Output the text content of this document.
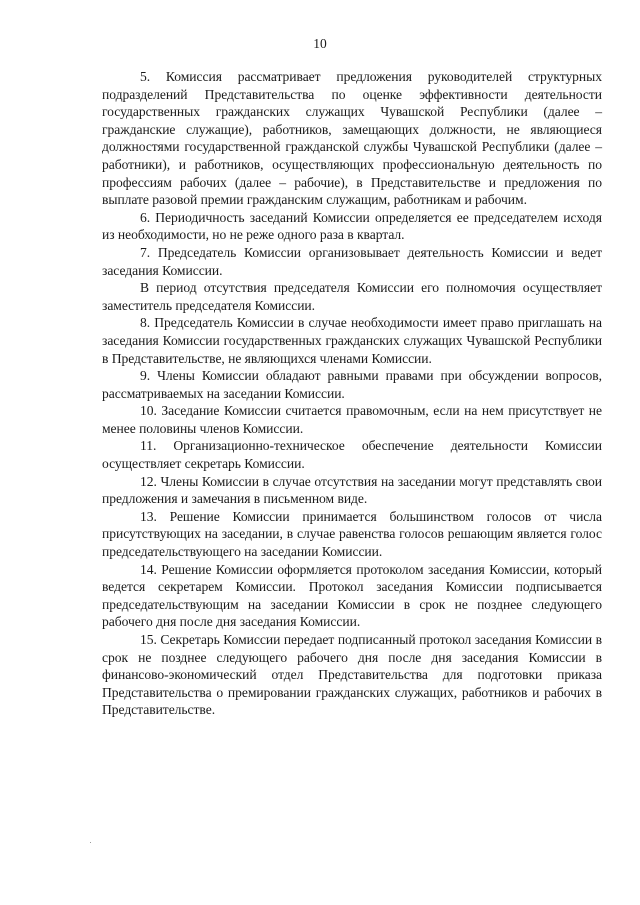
10

5. Комиссия рассматривает предложения руководителей структурных подразделений Представительства по оценке эффективности деятельности государственных гражданских служащих Чувашской Республики (далее – гражданские служащие), работников, замещающих должности, не являющиеся должностями государственной гражданской службы Чувашской Республики (далее – работники), и работников, осуществляющих профессиональную деятельность по профессиям рабочих (далее – рабочие), в Представительстве и предложения по выплате разовой премии гражданским служащим, работникам и рабочим.

6. Периодичность заседаний Комиссии определяется ее председателем исходя из необходимости, но не реже одного раза в квартал.

7. Председатель Комиссии организовывает деятельность Комиссии и ведет заседания Комиссии.

В период отсутствия председателя Комиссии его полномочия осуществляет заместитель председателя Комиссии.

8. Председатель Комиссии в случае необходимости имеет право приглашать на заседания Комиссии государственных гражданских служащих Чувашской Республики в Представительстве, не являющихся членами Комиссии.

9. Члены Комиссии обладают равными правами при обсуждении вопросов, рассматриваемых на заседании Комиссии.

10. Заседание Комиссии считается правомочным, если на нем присутствует не менее половины членов Комиссии.

11. Организационно-техническое обеспечение деятельности Комиссии осуществляет секретарь Комиссии.

12. Члены Комиссии в случае отсутствия на заседании могут представлять свои предложения и замечания в письменном виде.

13. Решение Комиссии принимается большинством голосов от числа присутствующих на заседании, в случае равенства голосов решающим является голос председательствующего на заседании Комиссии.

14. Решение Комиссии оформляется протоколом заседания Комиссии, который ведется секретарем Комиссии. Протокол заседания Комиссии подписывается председательствующим на заседании Комиссии в срок не позднее следующего рабочего дня после дня заседания Комиссии.

15. Секретарь Комиссии передает подписанный протокол заседания Комиссии в срок не позднее следующего рабочего дня после дня заседания Комиссии в финансово-экономический отдел Представительства для подготовки приказа Представительства о премировании гражданских служащих, работников и рабочих в Представительстве.
